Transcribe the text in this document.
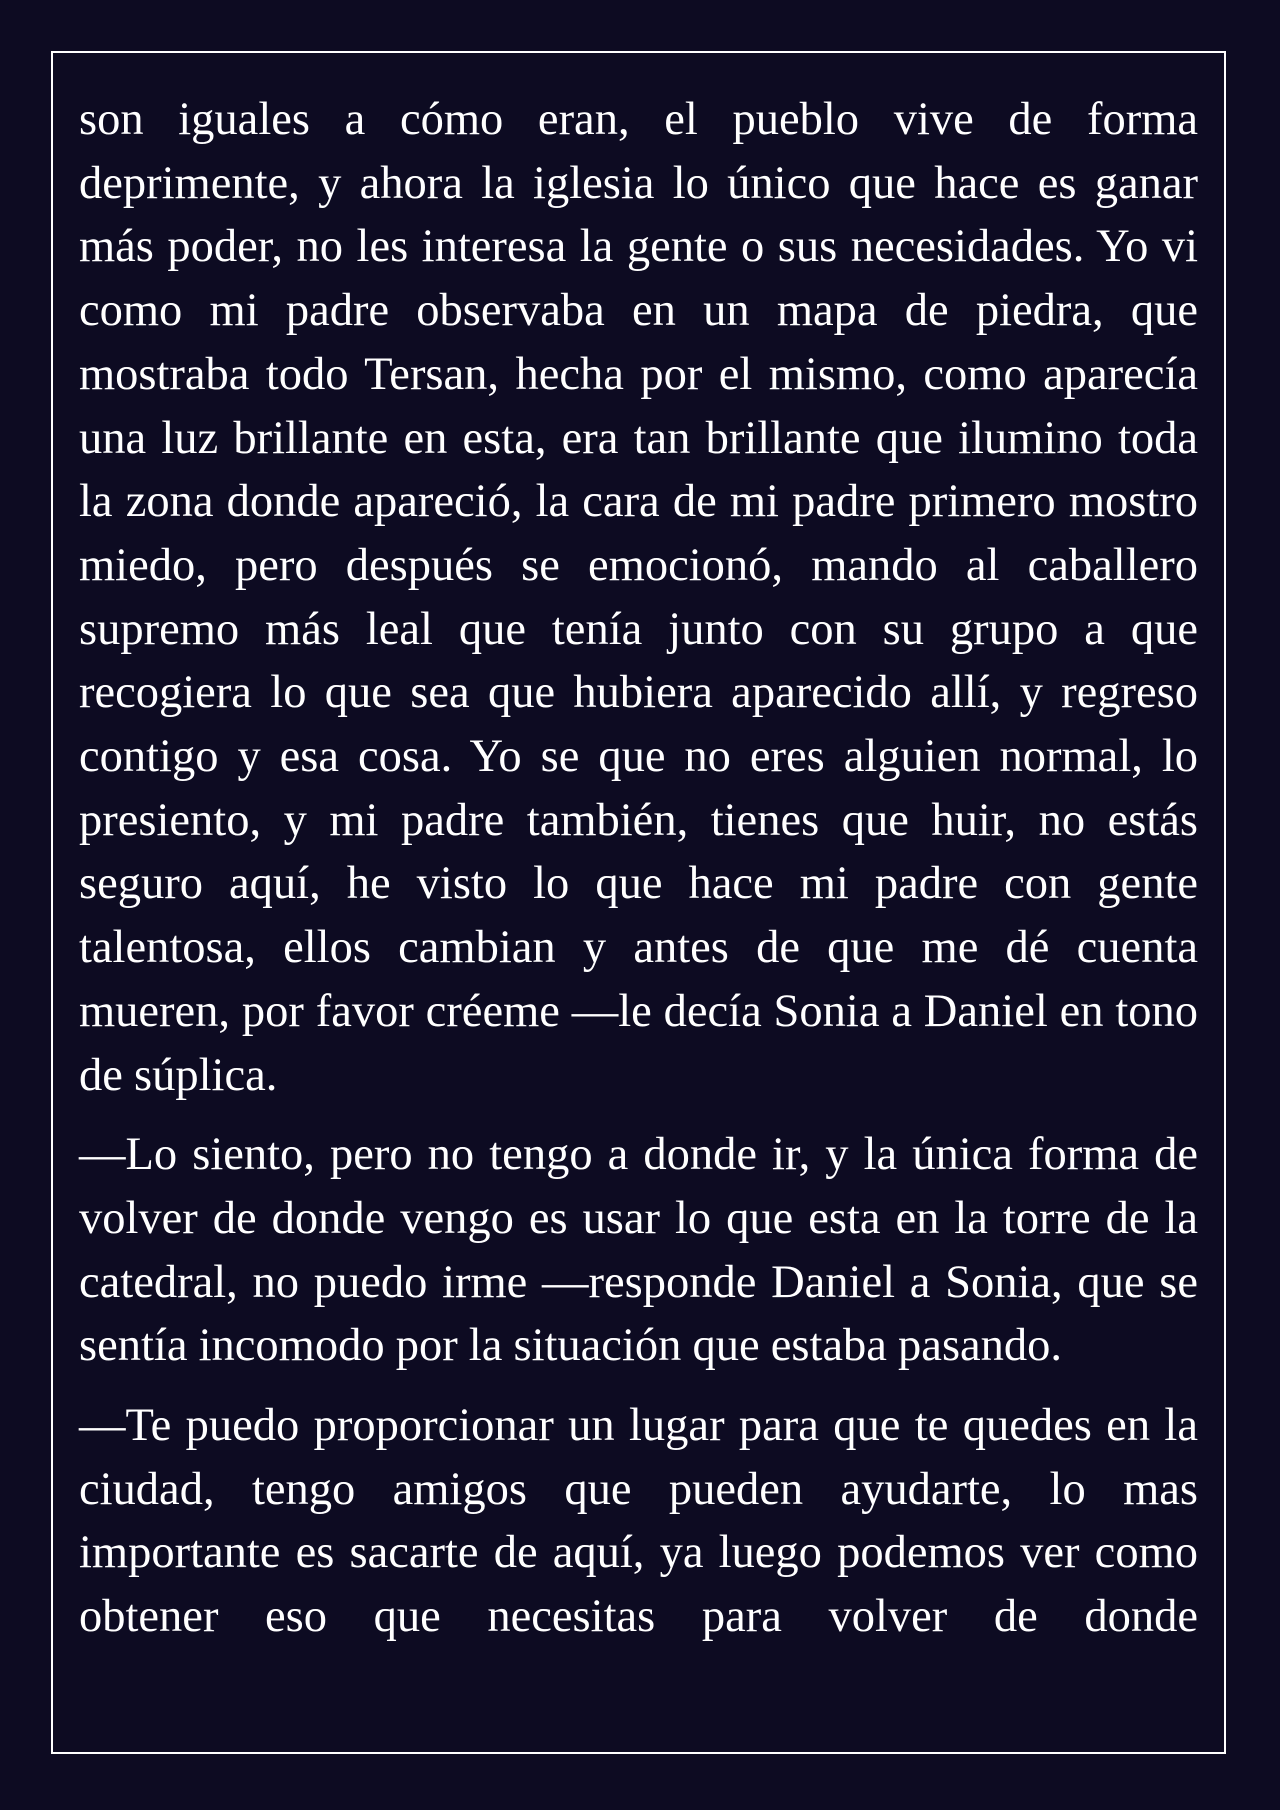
son iguales a cómo eran, el pueblo vive de forma deprimente, y ahora la iglesia lo único que hace es ganar más poder, no les interesa la gente o sus necesidades. Yo vi como mi padre observaba en un mapa de piedra, que mostraba todo Tersan, hecha por el mismo, como aparecía una luz brillante en esta, era tan brillante que ilumino toda la zona donde apareció, la cara de mi padre primero mostro miedo, pero después se emocionó, mando al caballero supremo más leal que tenía junto con su grupo a que recogiera lo que sea que hubiera aparecido allí, y regreso contigo y esa cosa. Yo se que no eres alguien normal, lo presiento, y mi padre también, tienes que huir, no estás seguro aquí, he visto lo que hace mi padre con gente talentosa, ellos cambian y antes de que me dé cuenta mueren, por favor créeme —le decía Sonia a Daniel en tono de súplica.

—Lo siento, pero no tengo a donde ir, y la única forma de volver de donde vengo es usar lo que esta en la torre de la catedral, no puedo irme —responde Daniel a Sonia, que se sentía incomodo por la situación que estaba pasando.

—Te puedo proporcionar un lugar para que te quedes en la ciudad, tengo amigos que pueden ayudarte, lo mas importante es sacarte de aquí, ya luego podemos ver como obtener eso que necesitas para volver de donde
